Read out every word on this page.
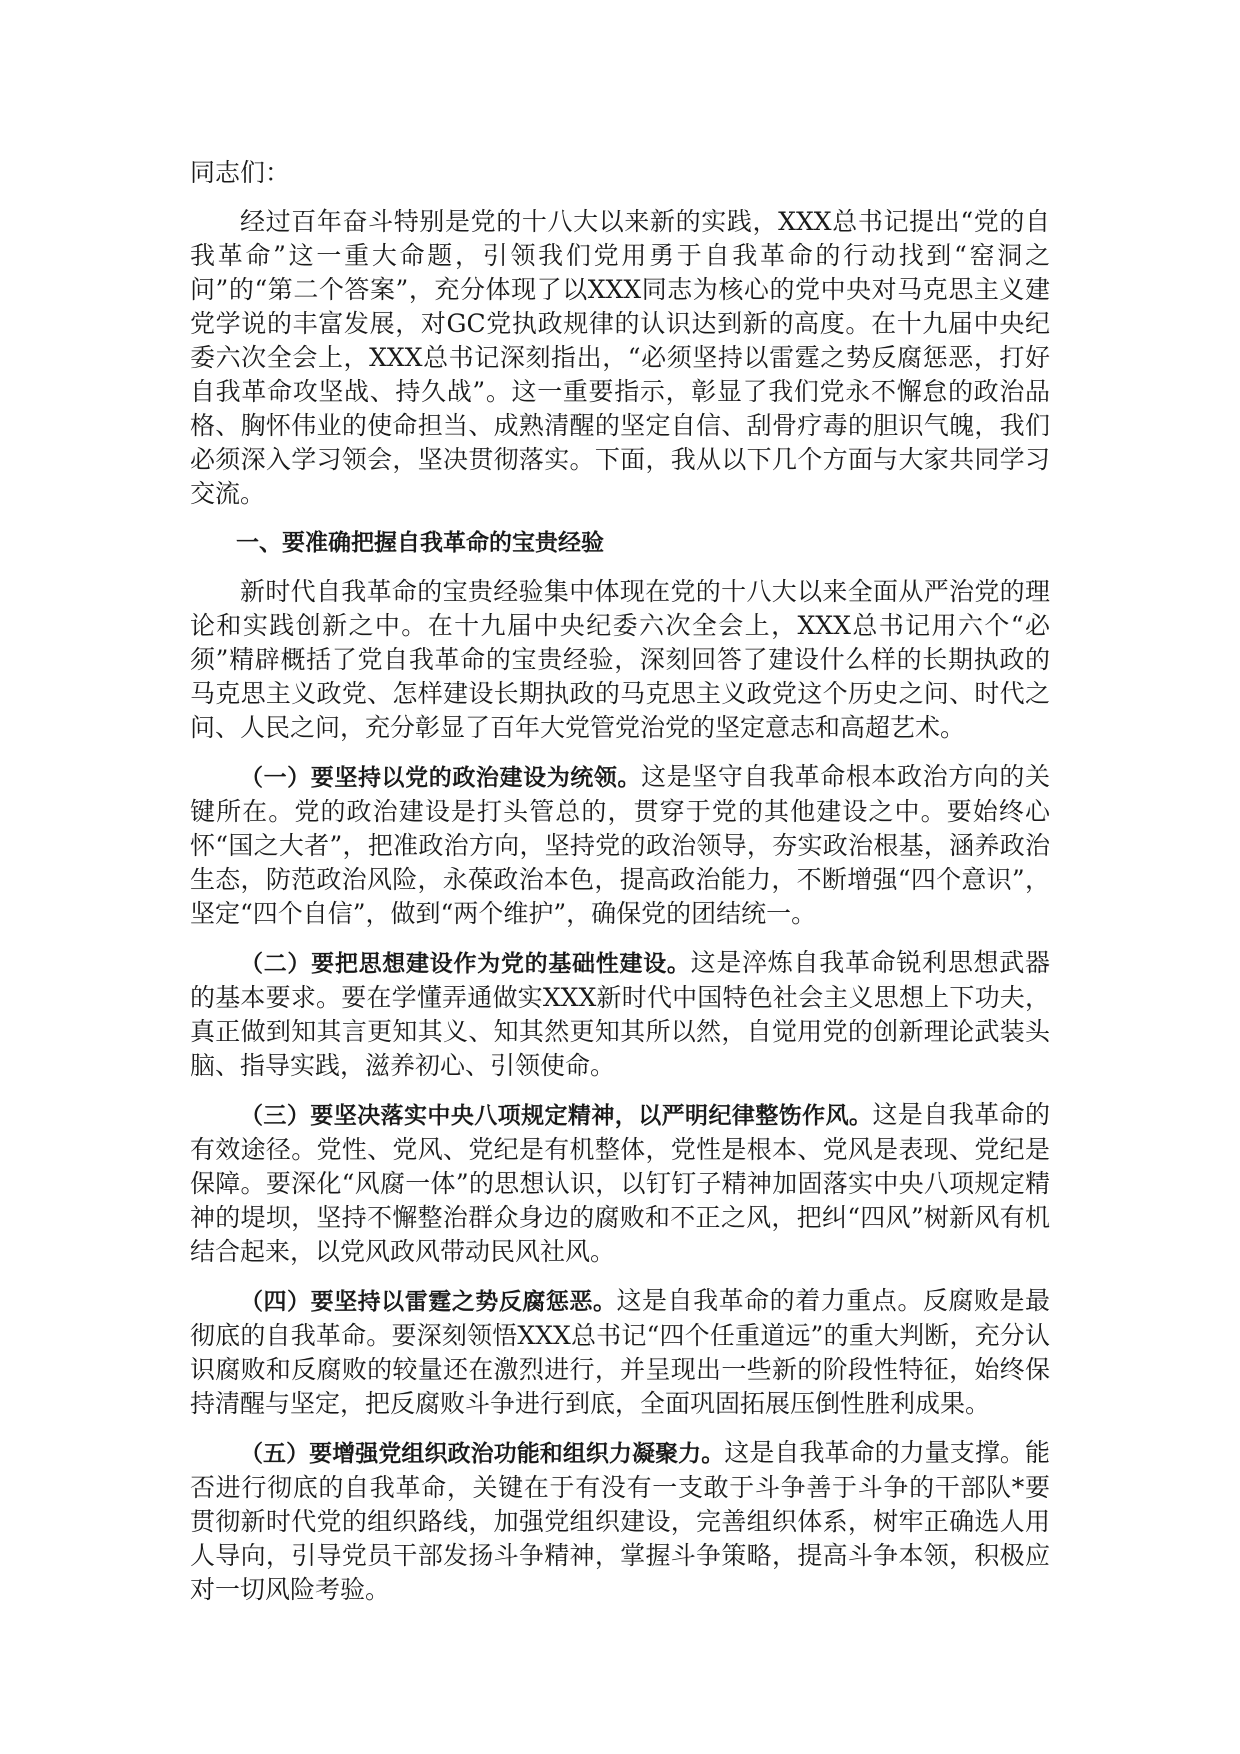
同志们：

经过百年奋斗特别是党的十八大以来新的实践，XXX总书记提出“党的自我革命”这一重大命题，引领我们党用勇于自我革命的行动找到“窑洞之问”的“第二个答案”，充分体现了以XXX同志为核心的党中央对马克思主义建党学说的丰富发展，对GC党执政规律的认识达到新的高度。在十九届中央纪委六次全会上，XXX总书记深刻指出，“必须坚持以雷霆之势反腐惩恶，打好自我革命攻坚战、持久战”。这一重要指示，彰显了我们党永不懈怠的政治品格、胸怀伟业的使命担当、成熟清醒的坚定自信、刮骨疗毒的胆识气魄，我们必须深入学习领会，坚决贯彻落实。下面，我从以下几个方面与大家共同学习交流。

一、要准确把握自我革命的宝贵经验

新时代自我革命的宝贵经验集中体现在党的十八大以来全面从严治党的理论和实践创新之中。在十九届中央纪委六次全会上，XXX总书记用六个“必须”精辟概括了党自我革命的宝贵经验，深刻回答了建设什么样的长期执政的马克思主义政党、怎样建设长期执政的马克思主义政党这个历史之问、时代之问、人民之问，充分彰显了百年大党管党治党的坚定意志和高超艺术。

（一）要坚持以党的政治建设为统领。这是坚守自我革命根本政治方向的关键所在。党的政治建设是打头管总的，贯穿于党的其他建设之中。要始终心怀“国之大者”，把准政治方向，坚持党的政治领导，夯实政治根基，涵养政治生态，防范政治风险，永葆政治本色，提高政治能力，不断增强“四个意识”，坚定“四个自信”，做到“两个维护”，确保党的团结统一。

（二）要把思想建设作为党的基础性建设。这是淬炼自我革命锐利思想武器的基本要求。要在学懂弄通做实XXX新时代中国特色社会主义思想上下功夫，真正做到知其言更知其义、知其然更知其所以然，自觉用党的创新理论武装头脑、指导实践，滋养初心、引领使命。

（三）要坚决落实中央八项规定精神，以严明纪律整饬作风。这是自我革命的有效途径。党性、党风、党纪是有机整体，党性是根本、党风是表现、党纪是保障。要深化“风腐一体”的思想认识，以钉钉子精神加固落实中央八项规定精神的堤坝，坚持不懈整治群众身边的腐败和不正之风，把纠“四风”树新风有机结合起来，以党风政风带动民风社风。

（四）要坚持以雷霆之势反腐惩恶。这是自我革命的着力重点。反腐败是最彻底的自我革命。要深刻领悟XXX总书记“四个任重道远”的重大判断，充分认识腐败和反腐败的较量还在激烈进行，并呈现出一些新的阶段性特征，始终保持清醒与坚定，把反腐败斗争进行到底，全面巩固拓展压倒性胜利成果。

（五）要增强党组织政治功能和组织力凝聚力。这是自我革命的力量支撑。能否进行彻底的自我革命，关键在于有没有一支敢于斗争善于斗争的干部队*要贯彻新时代党的组织路线，加强党组织建设，完善组织体系，树牢正确选人用人导向，引导党员干部发扬斗争精神，掌握斗争策略，提高斗争本领，积极应对一切风险考验。
